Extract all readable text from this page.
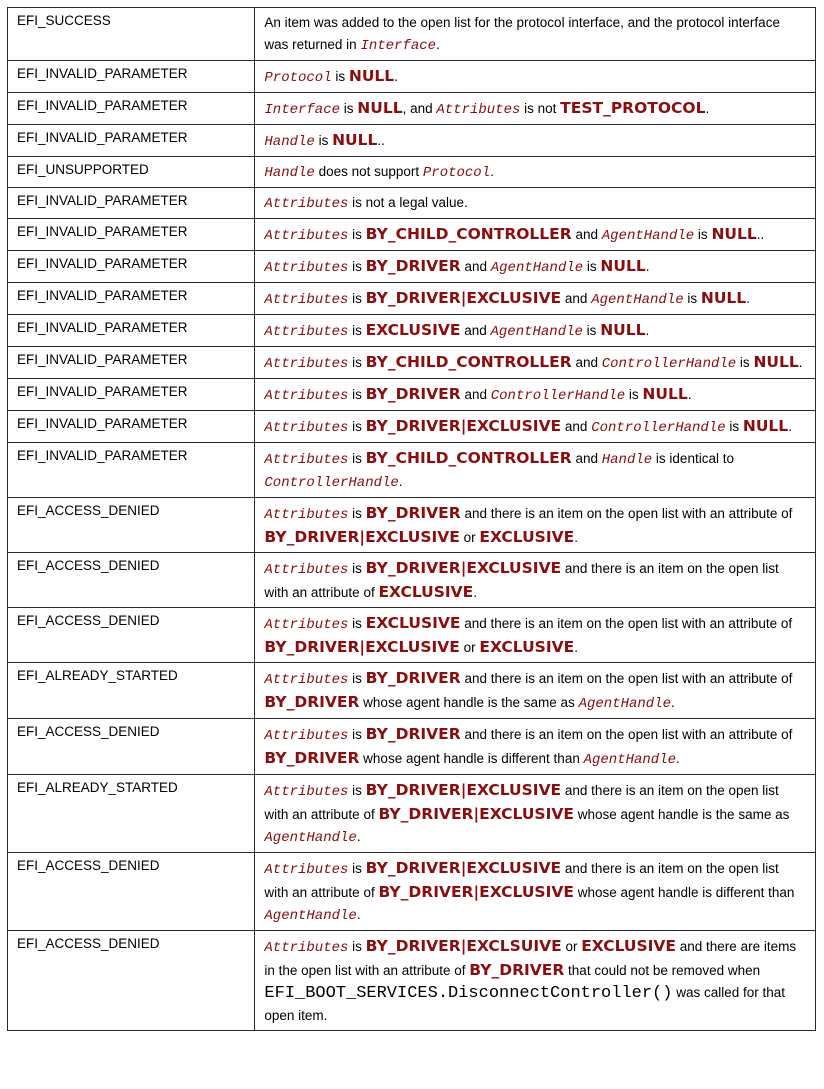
EFI_SUCCESS	An item was added to the open list for the protocol interface, and the protocol interface was returned in Interface.
EFI_INVALID_PARAMETER	Protocol is NULL.
EFI_INVALID_PARAMETER	Interface is NULL, and Attributes is not TEST_PROTOCOL.
EFI_INVALID_PARAMETER	Handle is NULL..
EFI_UNSUPPORTED	Handle does not support Protocol.
EFI_INVALID_PARAMETER	Attributes is not a legal value.
EFI_INVALID_PARAMETER	Attributes is BY_CHILD_CONTROLLER and AgentHandle is NULL..
EFI_INVALID_PARAMETER	Attributes is BY_DRIVER and AgentHandle is NULL.
EFI_INVALID_PARAMETER	Attributes is BY_DRIVER|EXCLUSIVE and AgentHandle is NULL.
EFI_INVALID_PARAMETER	Attributes is EXCLUSIVE and AgentHandle is NULL.
EFI_INVALID_PARAMETER	Attributes is BY_CHILD_CONTROLLER and ControllerHandle is NULL.
EFI_INVALID_PARAMETER	Attributes is BY_DRIVER and ControllerHandle is NULL.
EFI_INVALID_PARAMETER	Attributes is BY_DRIVER|EXCLUSIVE and ControllerHandle is NULL.
EFI_INVALID_PARAMETER	Attributes is BY_CHILD_CONTROLLER and Handle is identical to ControllerHandle.
EFI_ACCESS_DENIED	Attributes is BY_DRIVER and there is an item on the open list with an attribute of BY_DRIVER|EXCLUSIVE or EXCLUSIVE.
EFI_ACCESS_DENIED	Attributes is BY_DRIVER|EXCLUSIVE and there is an item on the open list with an attribute of EXCLUSIVE.
EFI_ACCESS_DENIED	Attributes is EXCLUSIVE and there is an item on the open list with an attribute of BY_DRIVER|EXCLUSIVE or EXCLUSIVE.
EFI_ALREADY_STARTED	Attributes is BY_DRIVER and there is an item on the open list with an attribute of BY_DRIVER whose agent handle is the same as AgentHandle.
EFI_ACCESS_DENIED	Attributes is BY_DRIVER and there is an item on the open list with an attribute of BY_DRIVER whose agent handle is different than AgentHandle.
EFI_ALREADY_STARTED	Attributes is BY_DRIVER|EXCLUSIVE and there is an item on the open list with an attribute of BY_DRIVER|EXCLUSIVE whose agent handle is the same as AgentHandle.
EFI_ACCESS_DENIED	Attributes is BY_DRIVER|EXCLUSIVE and there is an item on the open list with an attribute of BY_DRIVER|EXCLUSIVE whose agent handle is different than AgentHandle.
EFI_ACCESS_DENIED	Attributes is BY_DRIVER|EXCLSUIVE or EXCLUSIVE and there are items in the open list with an attribute of BY_DRIVER that could not be removed when EFI_BOOT_SERVICES.DisconnectController() was called for that open item.
